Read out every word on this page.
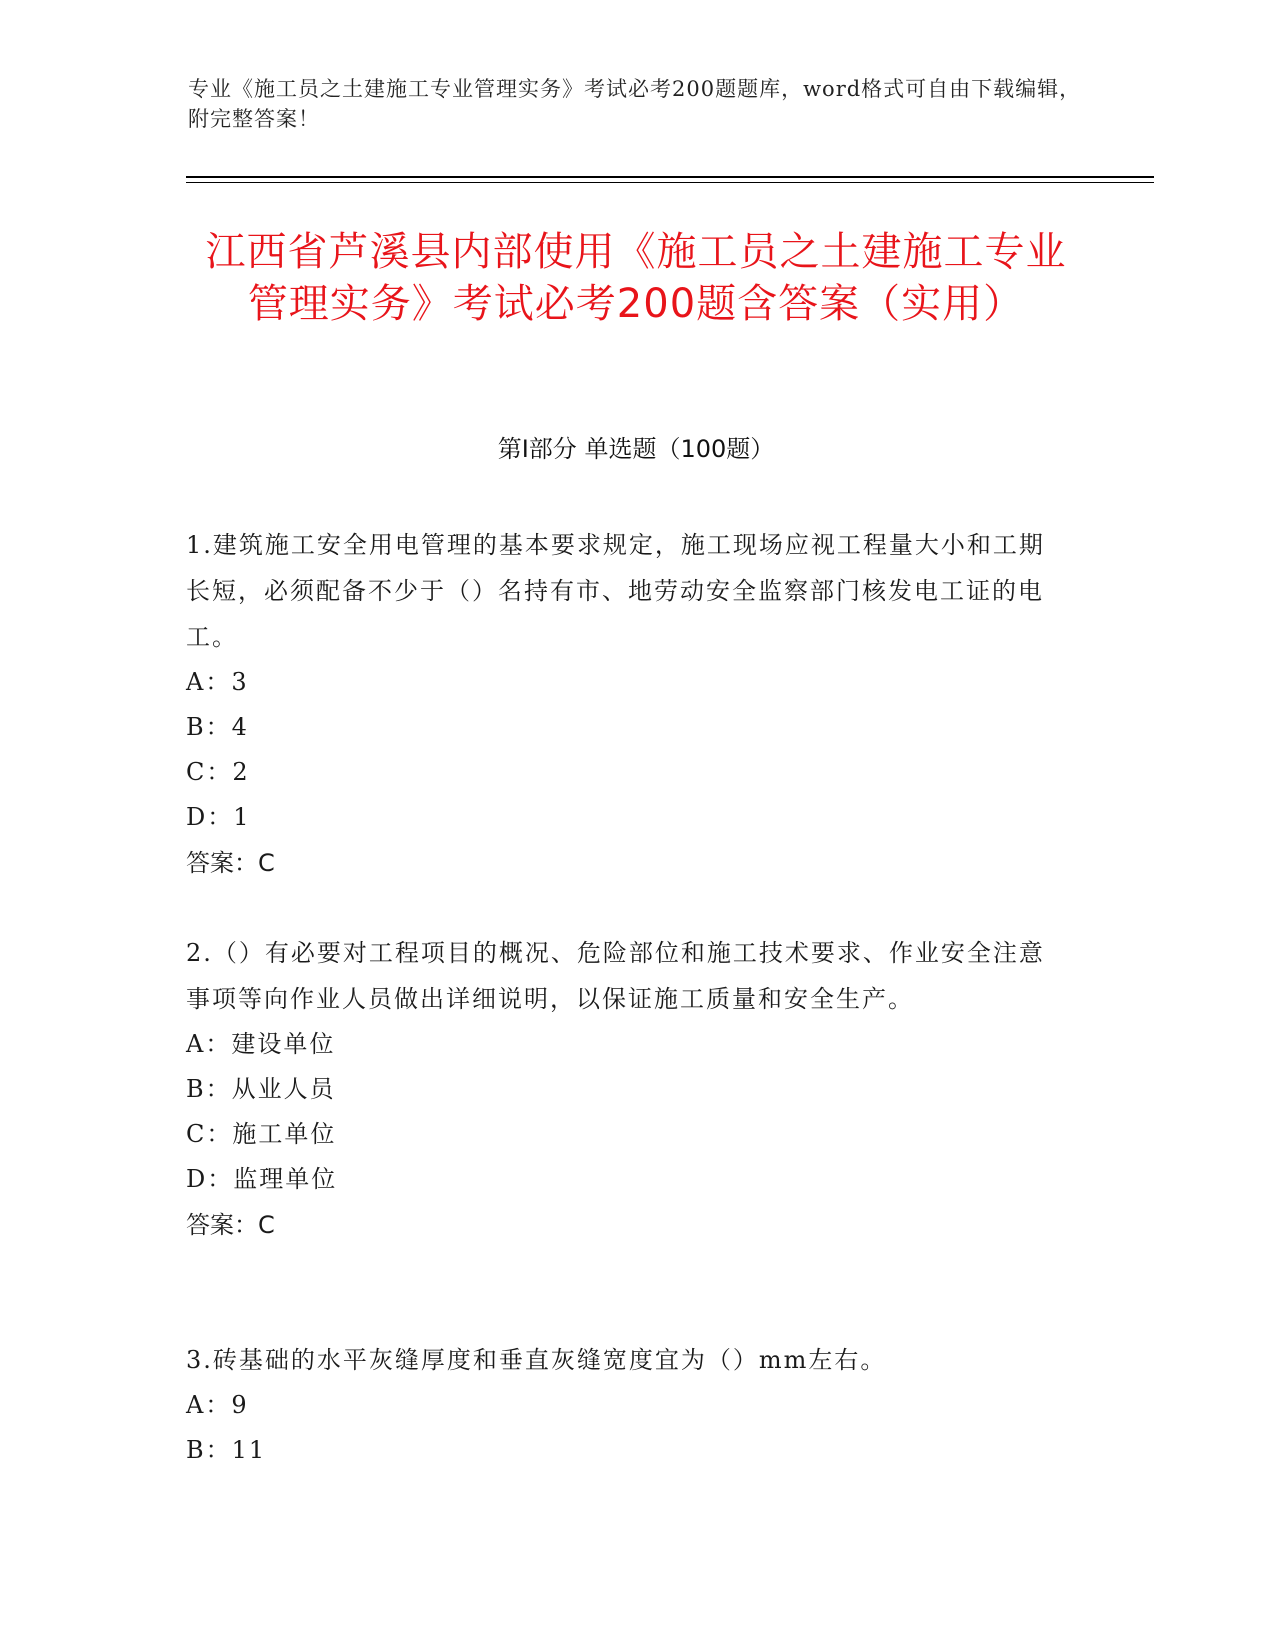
专业《施工员之土建施工专业管理实务》考试必考200题题库，word格式可自由下载编辑，附完整答案！
江西省芦溪县内部使用《施工员之土建施工专业管理实务》考试必考200题含答案（实用）
第Ⅰ部分 单选题（100题）

1.建筑施工安全用电管理的基本要求规定，施工现场应视工程量大小和工期长短，必须配备不少于（）名持有市、地劳动安全监察部门核发电工证的电工。

A：3

B：4

C：2

D：1

答案：C

2.（）有必要对工程项目的概况、危险部位和施工技术要求、作业安全注意事项等向作业人员做出详细说明，以保证施工质量和安全生产。

A：建设单位

B：从业人员

C：施工单位

D：监理单位

答案：C

3.砖基础的水平灰缝厚度和垂直灰缝宽度宜为（）mm左右。

A：9

B：11
